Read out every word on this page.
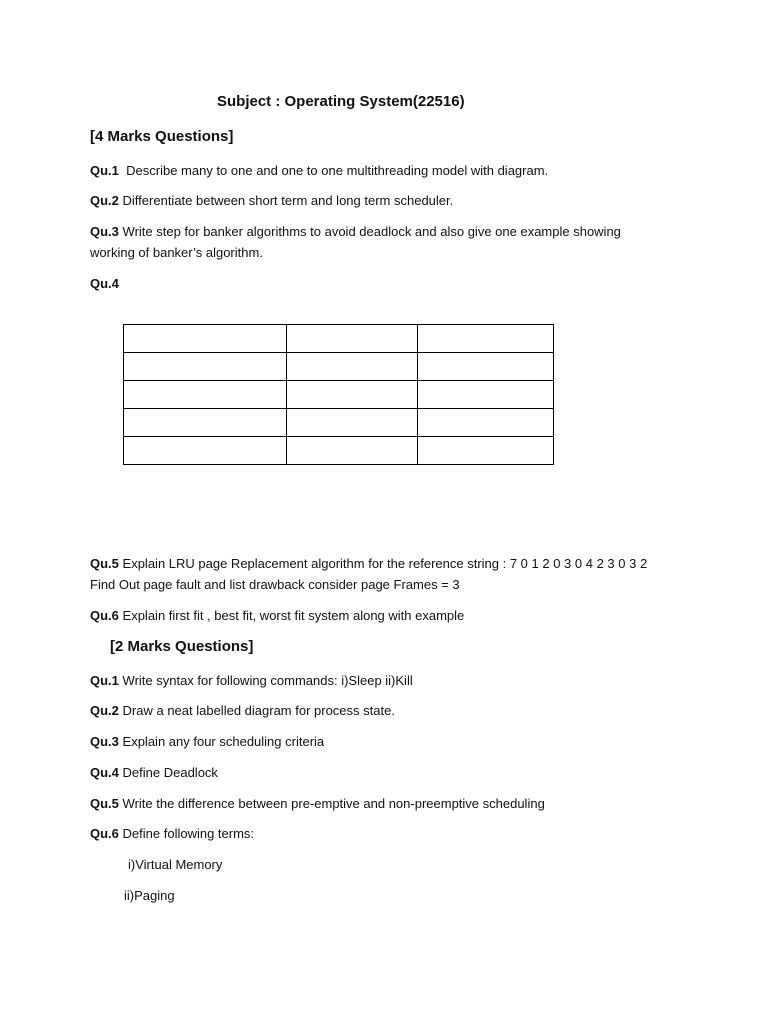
Subject : Operating System(22516)
[4 Marks Questions]
Qu.1 Describe many to one and one to one multithreading model with diagram.
Qu.2 Differentiate between short term and long term scheduler.
Qu.3 Write step for banker algorithms to avoid deadlock and also give one example showing
working of banker’s algorithm.
Qu.4

Qu.5 Explain LRU page Replacement algorithm for the reference string : 7 0 1 2 0 3 0 4 2 3 0 3 2
Find Out page fault and list drawback consider page Frames = 3
Qu.6 Explain first fit , best fit, worst fit system along with example
[2 Marks Questions]
Qu.1 Write syntax for following commands: i)Sleep ii)Kill
Qu.2 Draw a neat labelled diagram for process state.
Qu.3 Explain any four scheduling criteria
Qu.4 Define Deadlock
Qu.5 Write the difference between pre-emptive and non-preemptive scheduling
Qu.6 Define following terms:
i)Virtual Memory
ii)Paging
